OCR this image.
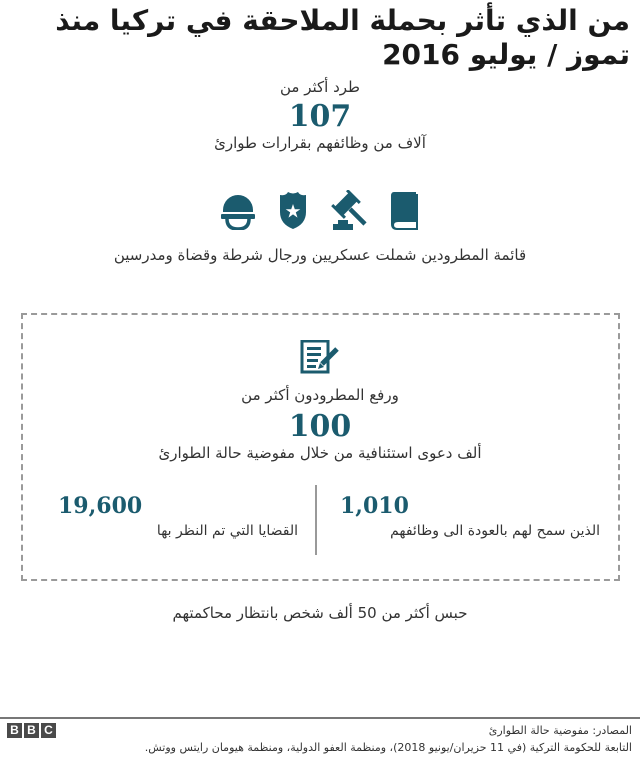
من الذي تأثر بحملة الملاحقة في تركيا منذ تموز / يوليو 2016
طرد أكثر من
107
آلاف من وظائفهم بقرارات طوارئ
قائمة المطرودين شملت عسكريين ورجال شرطة وقضاة ومدرسين
ورفع المطرودون أكثر من
100
ألف دعوى استئنافية من خلال مفوضية حالة الطوارئ
1,010
الذين سمح لهم بالعودة الى وظائفهم
19,600
القضايا التي تم النظر بها
حبس أكثر من 50 ألف شخص بانتظار محاكمتهم
B B C	المصادر: مفوضية حالة الطوارئ
التابعة للحكومة التركية (في 11 حزيران/يونيو 2018)، ومنظمة العفو الدولية، ومنظمة هيومان رايتس ووتش.
